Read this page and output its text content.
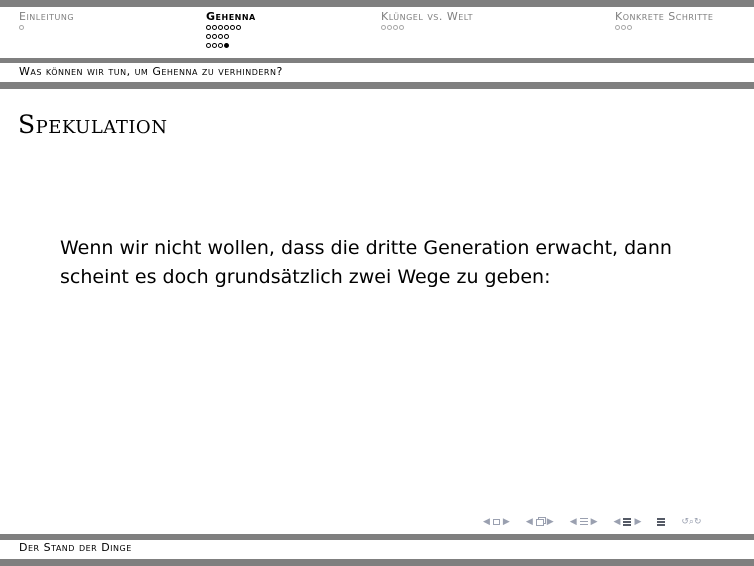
Einleitung	Gehenna	Klüngel vs. Welt	Konkrete Schritte
Was können wir tun, um Gehenna zu verhindern?
Spekulation
Wenn wir nicht wollen, dass die dritte Generation erwacht, dann scheint es doch grundsätzlich zwei Wege zu geben:
◀ ▶ ◀ ▶ ◀ ▶ ◀ ▶	↺⌕↻
Der Stand der Dinge
